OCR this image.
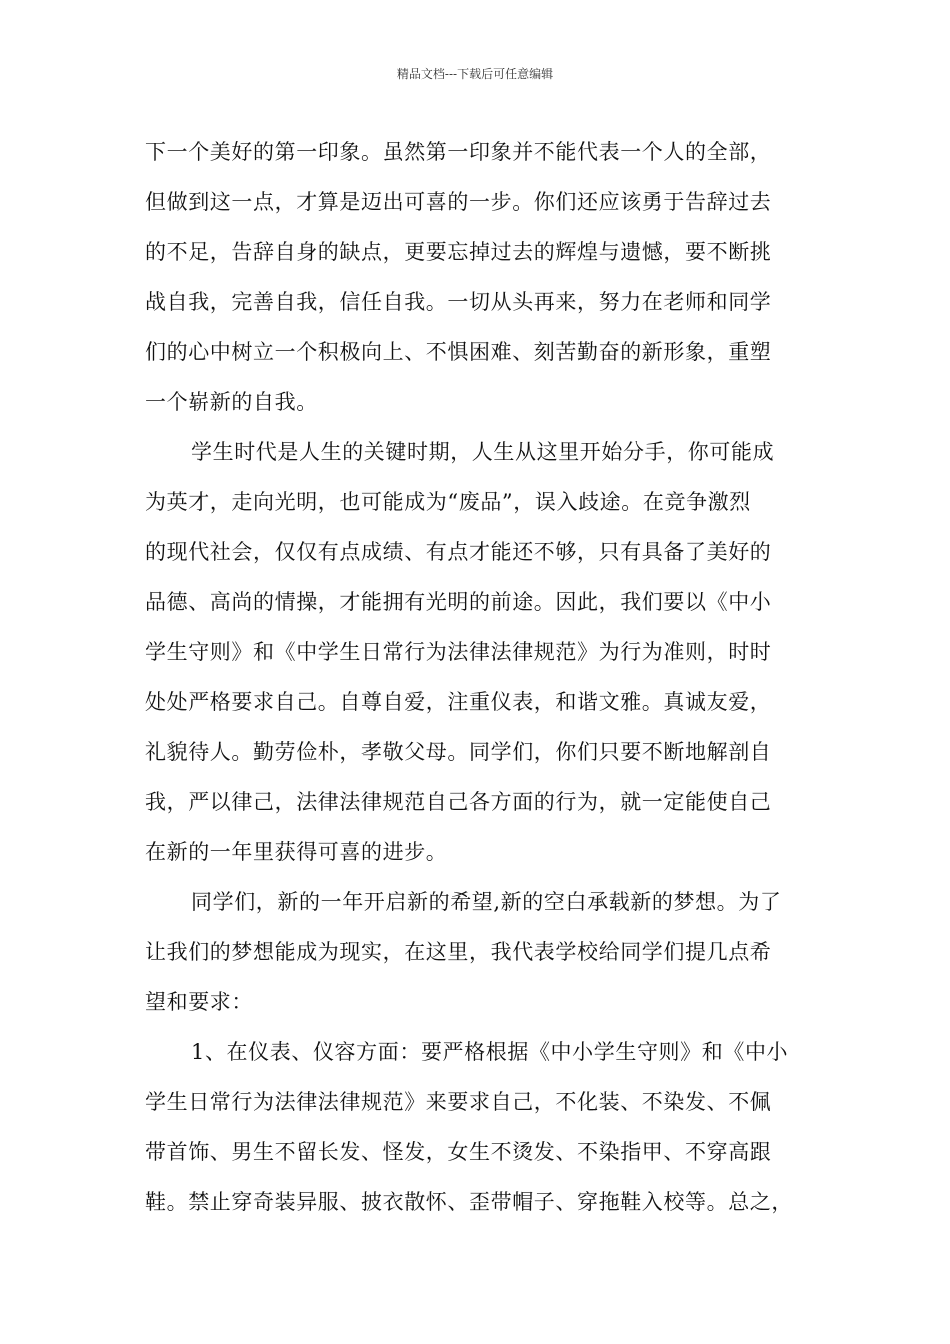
精品文档---下载后可任意编辑
下一个美好的第一印象。虽然第一印象并不能代表一个人的全部，
但做到这一点，才算是迈出可喜的一步。你们还应该勇于告辞过去
的不足，告辞自身的缺点，更要忘掉过去的辉煌与遗憾，要不断挑
战自我，完善自我，信任自我。一切从头再来，努力在老师和同学
们的心中树立一个积极向上、不惧困难、刻苦勤奋的新形象，重塑
一个崭新的自我。
学生时代是人生的关键时期，人生从这里开始分手，你可能成
为英才，走向光明，也可能成为“废品”，误入歧途。在竞争激烈
的现代社会，仅仅有点成绩、有点才能还不够，只有具备了美好的
品德、高尚的情操，才能拥有光明的前途。因此，我们要以《中小
学生守则》和《中学生日常行为法律法律规范》为行为准则，时时
处处严格要求自己。自尊自爱，注重仪表，和谐文雅。真诚友爱，
礼貌待人。勤劳俭朴，孝敬父母。同学们，你们只要不断地解剖自
我，严以律己，法律法律规范自己各方面的行为，就一定能使自己
在新的一年里获得可喜的进步。
同学们，新的一年开启新的希望,新的空白承载新的梦想。为了
让我们的梦想能成为现实，在这里，我代表学校给同学们提几点希
望和要求：
1、在仪表、仪容方面：要严格根据《中小学生守则》和《中小
学生日常行为法律法律规范》来要求自己，不化装、不染发、不佩
带首饰、男生不留长发、怪发，女生不烫发、不染指甲、不穿高跟
鞋。禁止穿奇装异服、披衣散怀、歪带帽子、穿拖鞋入校等。总之，
